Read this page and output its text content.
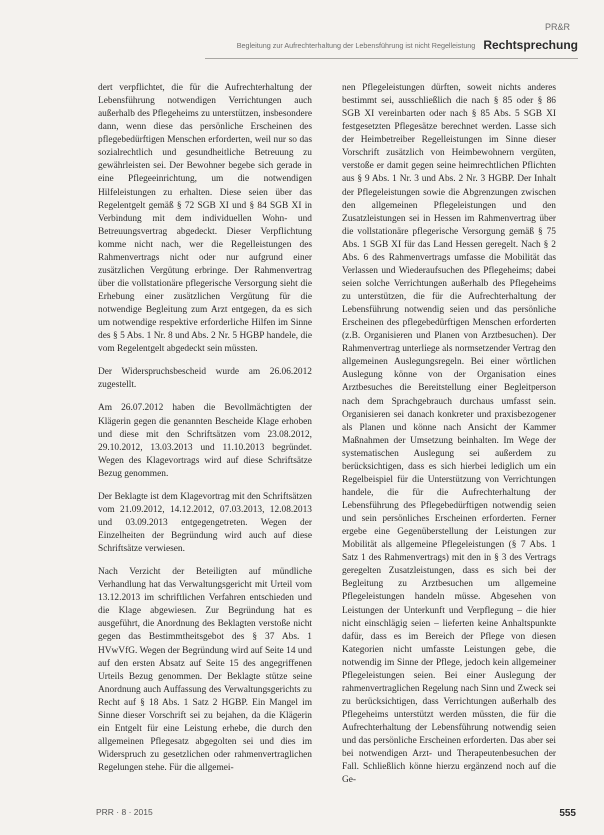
PR&R
Begleitung zur Aufrechterhaltung der Lebensführung ist nicht Regelleistung Rechtsprechung

dert verpflichtet, die für die Aufrechterhaltung der Lebensführung notwendigen Verrichtungen auch außerhalb des Pflegeheims zu unterstützen, insbesondere dann, wenn diese das persönliche Erscheinen des pflegebedürftigen Menschen erforderten, weil nur so das sozialrechtlich und gesundheitliche Betreuung zu gewährleisten sei. Der Bewohner begebe sich gerade in eine Pflegeeinrichtung, um die notwendigen Hilfeleistungen zu erhalten. Diese seien über das Regelentgelt gemäß § 72 SGB XI und § 84 SGB XI in Verbindung mit dem individuellen Wohn- und Betreuungsvertrag abgedeckt. Dieser Verpflichtung komme nicht nach, wer die Regelleistungen des Rahmenvertrags nicht oder nur aufgrund einer zusätzlichen Vergütung erbringe. Der Rahmenvertrag über die vollstationäre pflegerische Versorgung sieht die Erhebung einer zusätzlichen Vergütung für die notwendige Begleitung zum Arzt entgegen, da es sich um notwendige respektive erforderliche Hilfen im Sinne des § 5 Abs. 1 Nr. 8 und Abs. 2 Nr. 5 HGBP handele, die vom Regelentgelt abgedeckt sein müssten.

Der Widerspruchsbescheid wurde am 26.06.2012 zugestellt.

Am 26.07.2012 haben die Bevollmächtigten der Klägerin gegen die genannten Bescheide Klage erhoben und diese mit den Schriftsätzen vom 23.08.2012, 29.10.2012, 13.03.2013 und 11.10.2013 begründet. Wegen des Klagevortrags wird auf diese Schriftsätze Bezug genommen.

Der Beklagte ist dem Klagevortrag mit den Schriftsätzen vom 21.09.2012, 14.12.2012, 07.03.2013, 12.08.2013 und 03.09.2013 entgegengetreten. Wegen der Einzelheiten der Begründung wird auch auf diese Schriftsätze verwiesen.

Nach Verzicht der Beteiligten auf mündliche Verhandlung hat das Verwaltungsgericht mit Urteil vom 13.12.2013 im schriftlichen Verfahren entschieden und die Klage abgewiesen. Zur Begründung hat es ausgeführt, die Anordnung des Beklagten verstoße nicht gegen das Bestimmtheitsgebot des § 37 Abs. 1 HVwVfG. Wegen der Begründung wird auf Seite 14 und auf den ersten Absatz auf Seite 15 des angegriffenen Urteils Bezug genommen. Der Beklagte stütze seine Anordnung auch Auffassung des Verwaltungsgerichts zu Recht auf § 18 Abs. 1 Satz 2 HGBP. Ein Mangel im Sinne dieser Vorschrift sei zu bejahen, da die Klägerin ein Entgelt für eine Leistung erhebe, die durch den allgemeinen Pflegesatz abgegolten sei und dies im Widerspruch zu gesetzlichen oder rahmenvertraglichen Regelungen stehe. Für die allgemei-

nen Pflegeleistungen dürften, soweit nichts anderes bestimmt sei, ausschließlich die nach § 85 oder § 86 SGB XI vereinbarten oder nach § 85 Abs. 5 SGB XI festgesetzten Pflegesätze berechnet werden. Lasse sich der Heimbetreiber Regelleistungen im Sinne dieser Vorschrift zusätzlich von Heimbewohnern vergüten, verstoße er damit gegen seine heimrechtlichen Pflichten aus § 9 Abs. 1 Nr. 3 und Abs. 2 Nr. 3 HGBP. Der Inhalt der Pflegeleistungen sowie die Abgrenzungen zwischen den allgemeinen Pflegeleistungen und den Zusatzleistungen sei in Hessen im Rahmenvertrag über die vollstationäre pflegerische Versorgung gemäß § 75 Abs. 1 SGB XI für das Land Hessen geregelt. Nach § 2 Abs. 6 des Rahmenvertrags umfasse die Mobilität das Verlassen und Wiederaufsuchen des Pflegeheims; dabei seien solche Verrichtungen außerhalb des Pflegeheims zu unterstützen, die für die Aufrechterhaltung der Lebensführung notwendig seien und das persönliche Erscheinen des pflegebedürftigen Menschen erforderten (z.B. Organisieren und Planen von Arztbesuchen). Der Rahmenvertrag unterliege als normsetzender Vertrag den allgemeinen Auslegungsregeln. Bei einer wörtlichen Auslegung könne von der Organisation eines Arztbesuches die Bereitstellung einer Begleitperson nach dem Sprachgebrauch durchaus umfasst sein. Organisieren sei danach konkreter und praxisbezogener als Planen und könne nach Ansicht der Kammer Maßnahmen der Umsetzung beinhalten. Im Wege der systematischen Auslegung sei außerdem zu berücksichtigen, dass es sich hierbei lediglich um ein Regelbeispiel für die Unterstützung von Verrichtungen handele, die für die Aufrechterhaltung der Lebensführung des Pflegebedürftigen notwendig seien und sein persönliches Erscheinen erforderten. Ferner ergebe eine Gegenüberstellung der Leistungen zur Mobilität als allgemeine Pflegeleistungen (§ 7 Abs. 1 Satz 1 des Rahmenvertrags) mit den in § 3 des Vertrags geregelten Zusatzleistungen, dass es sich bei der Begleitung zu Arztbesuchen um allgemeine Pflegeleistungen handeln müsse. Abgesehen von Leistungen der Unterkunft und Verpflegung – die hier nicht einschlägig seien – lieferten keine Anhaltspunkte dafür, dass es im Bereich der Pflege von diesen Kategorien nicht umfasste Leistungen gebe, die notwendig im Sinne der Pflege, jedoch kein allgemeiner Pflegeleistungen seien. Bei einer Auslegung der rahmenvertraglichen Regelung nach Sinn und Zweck sei zu berücksichtigen, dass Verrichtungen außerhalb des Pflegeheims unterstützt werden müssten, die für die Aufrechterhaltung der Lebensführung notwendig seien und das persönliche Erscheinen erforderten. Das aber sei bei notwendigen Arzt- und Therapeutenbesuchen der Fall. Schließlich könne hierzu ergänzend noch auf die Ge-

PRR · 8 · 2015	555
